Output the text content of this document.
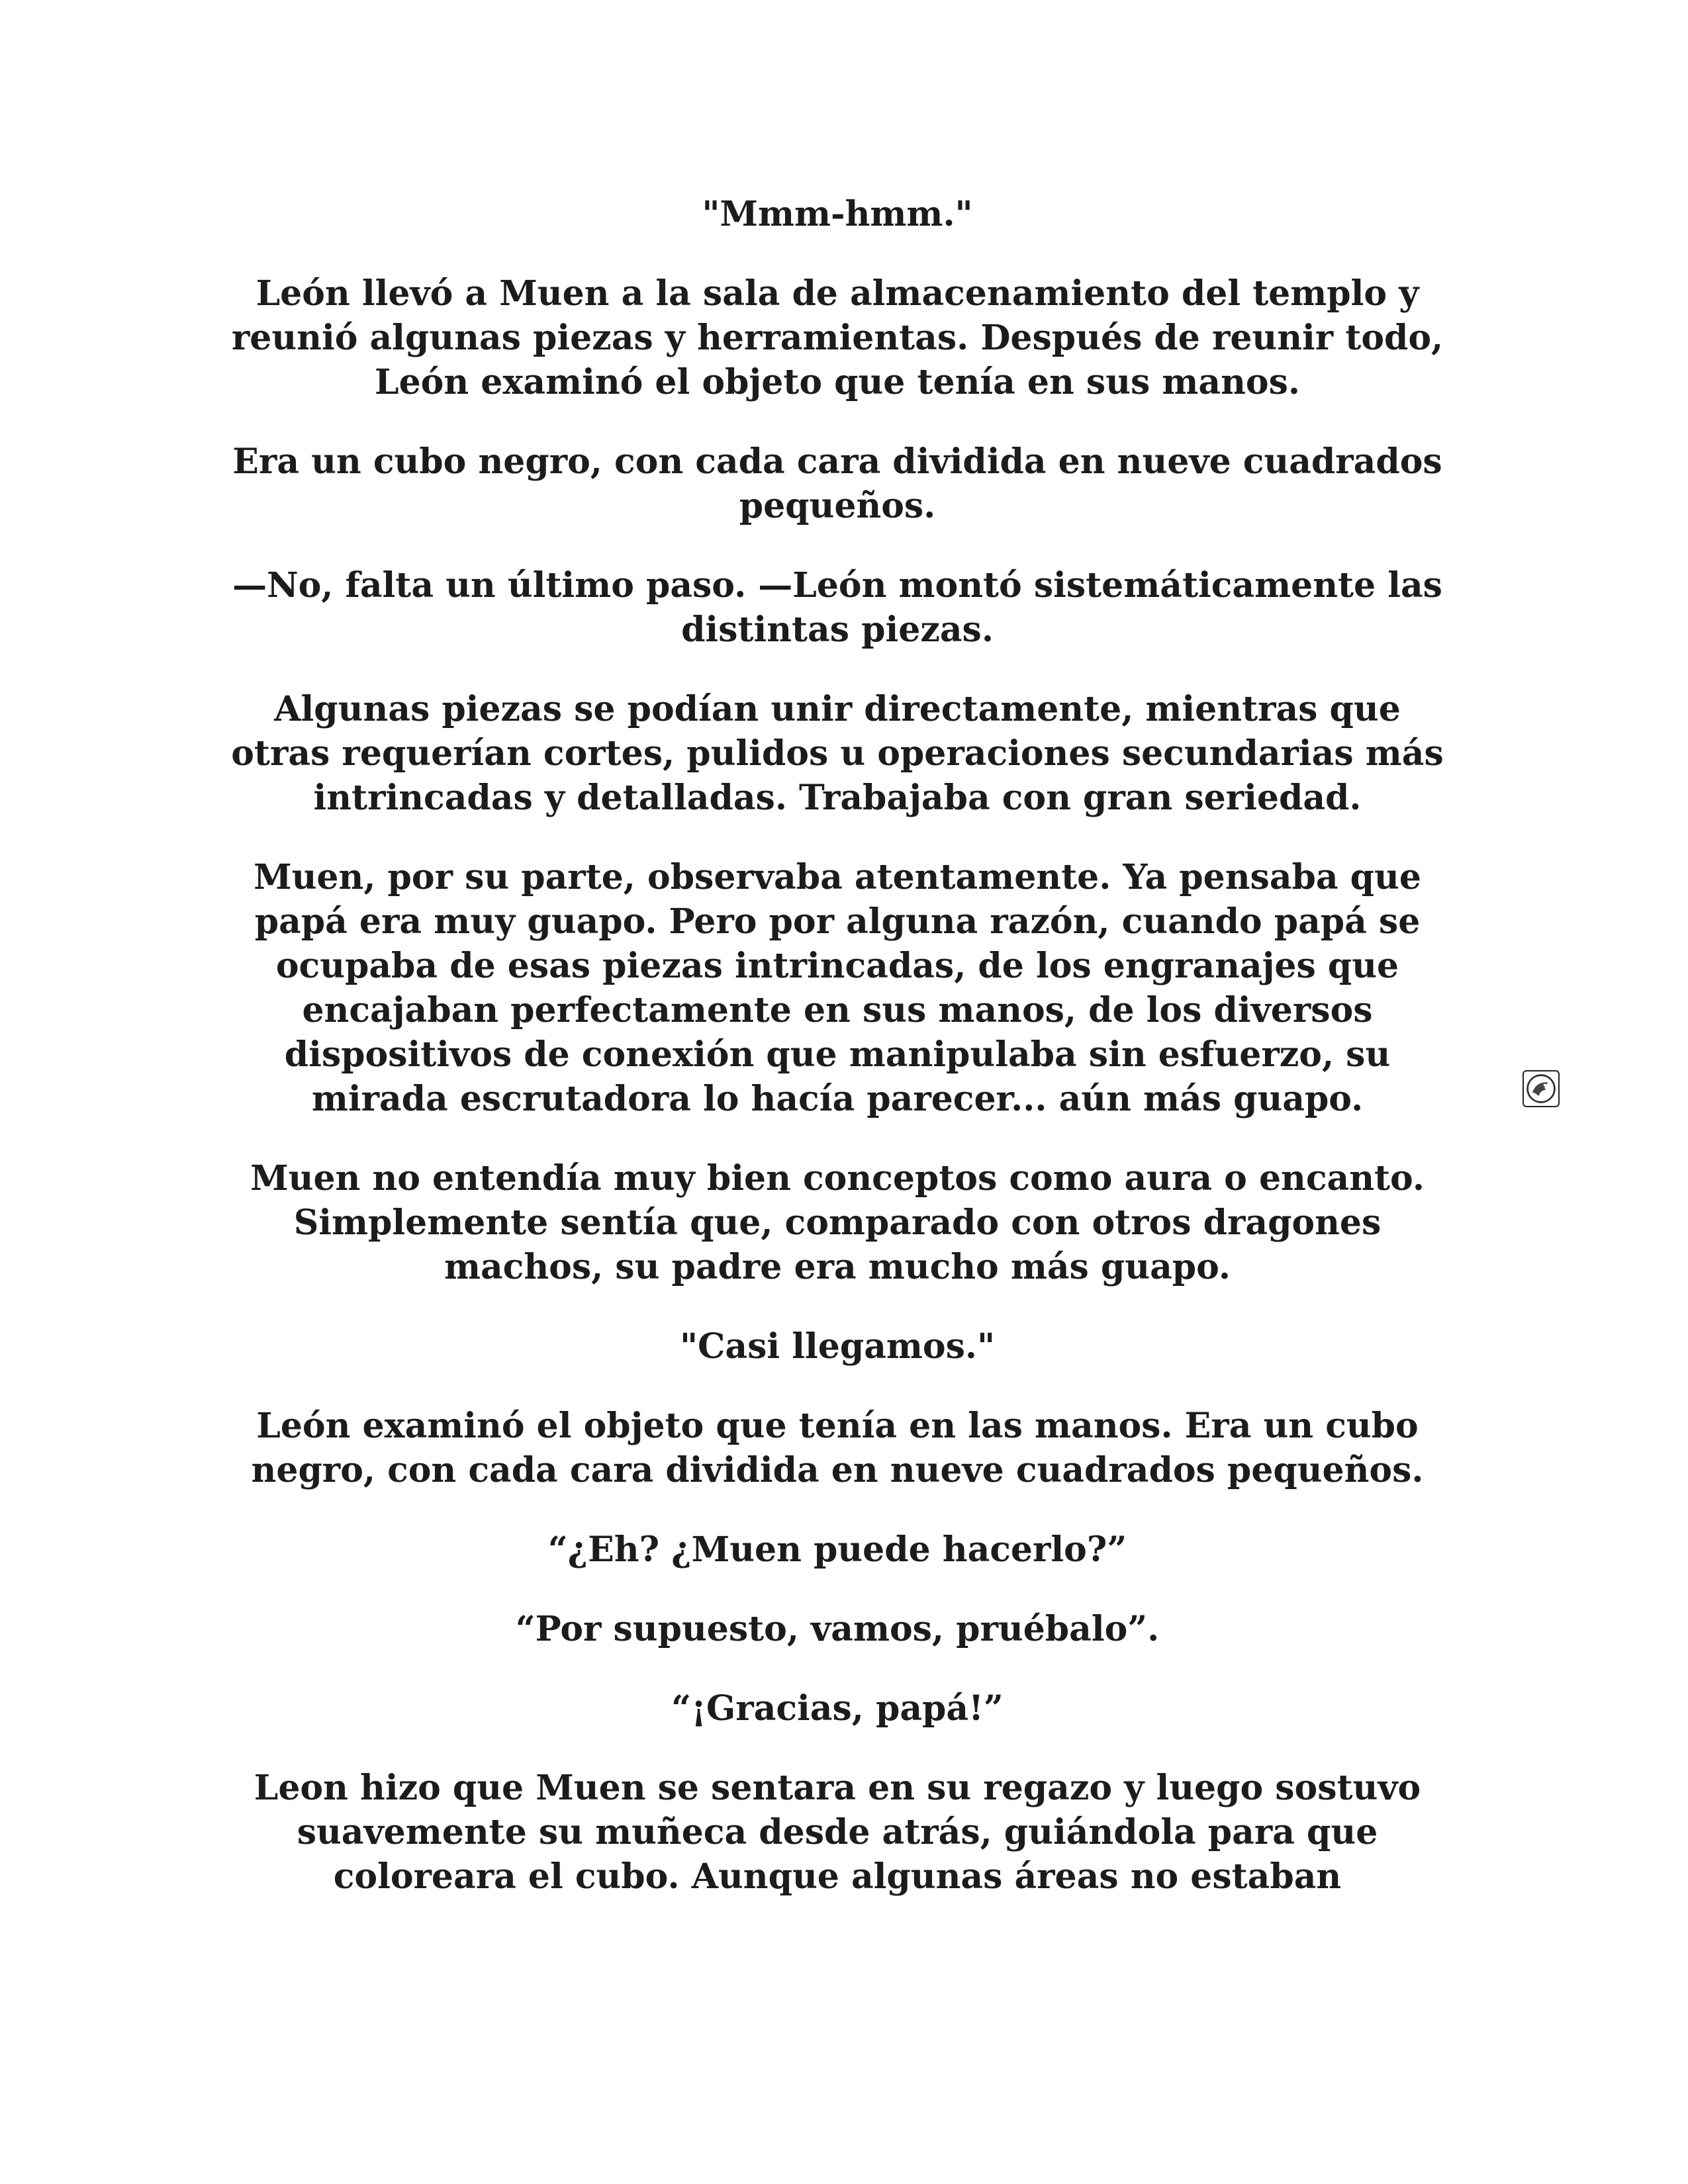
"Mmm-hmm."

León llevó a Muen a la sala de almacenamiento del templo y reunió algunas piezas y herramientas. Después de reunir todo, León examinó el objeto que tenía en sus manos.

Era un cubo negro, con cada cara dividida en nueve cuadrados pequeños.

—No, falta un último paso. —León montó sistemáticamente las distintas piezas.

Algunas piezas se podían unir directamente, mientras que otras requerían cortes, pulidos u operaciones secundarias más intrincadas y detalladas. Trabajaba con gran seriedad.

Muen, por su parte, observaba atentamente. Ya pensaba que papá era muy guapo. Pero por alguna razón, cuando papá se ocupaba de esas piezas intrincadas, de los engranajes que encajaban perfectamente en sus manos, de los diversos dispositivos de conexión que manipulaba sin esfuerzo, su mirada escrutadora lo hacía parecer... aún más guapo.

Muen no entendía muy bien conceptos como aura o encanto. Simplemente sentía que, comparado con otros dragones machos, su padre era mucho más guapo.

"Casi llegamos."

León examinó el objeto que tenía en las manos. Era un cubo negro, con cada cara dividida en nueve cuadrados pequeños.

“¿Eh? ¿Muen puede hacerlo?”

“Por supuesto, vamos, pruébalo”.

“¡Gracias, papá!”

Leon hizo que Muen se sentara en su regazo y luego sostuvo suavemente su muñeca desde atrás, guiándola para que coloreara el cubo. Aunque algunas áreas no estaban
